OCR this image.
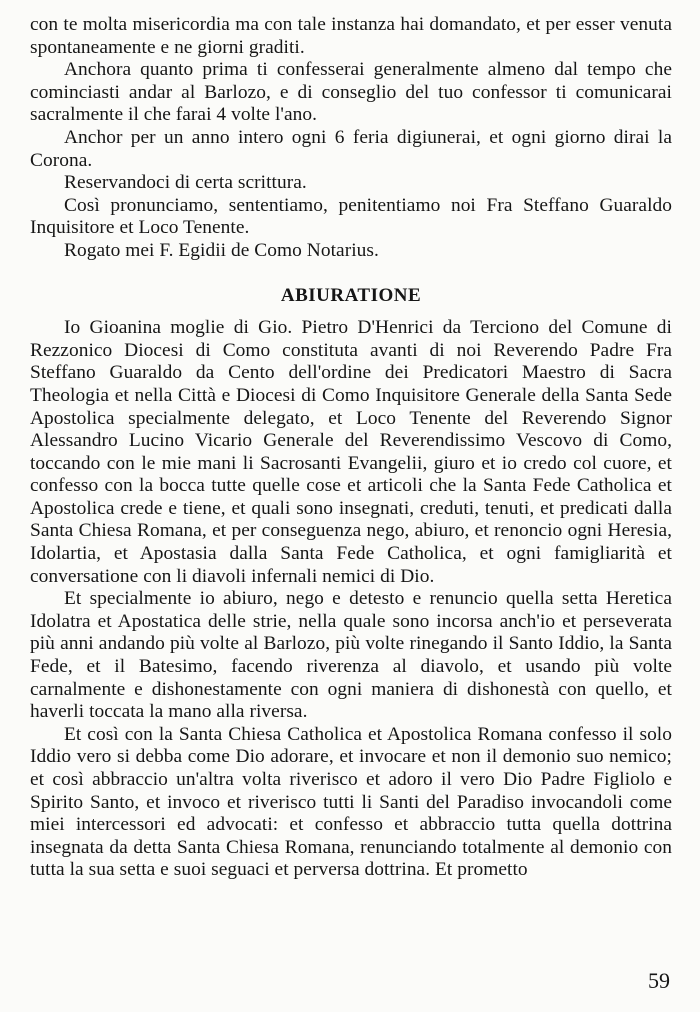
con te molta misericordia ma con tale instanza hai domandato, et per esser venuta spontaneamente e ne giorni graditi.

Anchora quanto prima ti confesserai generalmente almeno dal tempo che cominciasti andar al Barlozo, e di conseglio del tuo confessor ti comunicarai sacralmente il che farai 4 volte l'ano.

Anchor per un anno intero ogni 6 feria digiunerai, et ogni giorno dirai la Corona.

Reservandoci di certa scrittura.

Così pronunciamo, sententiamo, penitentiamo noi Fra Steffano Guaraldo Inquisitore et Loco Tenente.

Rogato mei F. Egidii de Como Notarius.

ABIURATIONE

Io Gioanina moglie di Gio. Pietro D'Henrici da Terciono del Comune di Rezzonico Diocesi di Como constituta avanti di noi Reverendo Padre Fra Steffano Guaraldo da Cento dell'ordine dei Predicatori Maestro di Sacra Theologia et nella Città e Diocesi di Como Inquisitore Generale della Santa Sede Apostolica specialmente delegato, et Loco Tenente del Reverendo Signor Alessandro Lucino Vicario Generale del Reverendissimo Vescovo di Como, toccando con le mie mani li Sacrosanti Evangelii, giuro et io credo col cuore, et confesso con la bocca tutte quelle cose et articoli che la Santa Fede Catholica et Apostolica crede e tiene, et quali sono insegnati, creduti, tenuti, et predicati dalla Santa Chiesa Romana, et per conseguenza nego, abiuro, et renoncio ogni Heresia, Idolartia, et Apostasia dalla Santa Fede Catholica, et ogni famigliarità et conversatione con li diavoli infernali nemici di Dio.

Et specialmente io abiuro, nego e detesto e renuncio quella setta Heretica Idolatra et Apostatica delle strie, nella quale sono incorsa anch'io et perseverata più anni andando più volte al Barlozo, più volte rinegando il Santo Iddio, la Santa Fede, et il Batesimo, facendo riverenza al diavolo, et usando più volte carnalmente e dishonestamente con ogni maniera di dishonestà con quello, et haverli toccata la mano alla riversa.

Et così con la Santa Chiesa Catholica et Apostolica Romana confesso il solo Iddio vero si debba come Dio adorare, et invocare et non il demonio suo nemico; et così abbraccio un'altra volta riverisco et adoro il vero Dio Padre Figliolo e Spirito Santo, et invoco et riverisco tutti li Santi del Paradiso invocandoli come miei intercessori ed advocati: et confesso et abbraccio tutta quella dottrina insegnata da detta Santa Chiesa Romana, renunciando totalmente al demonio con tutta la sua setta e suoi seguaci et perversa dottrina. Et prometto

59
